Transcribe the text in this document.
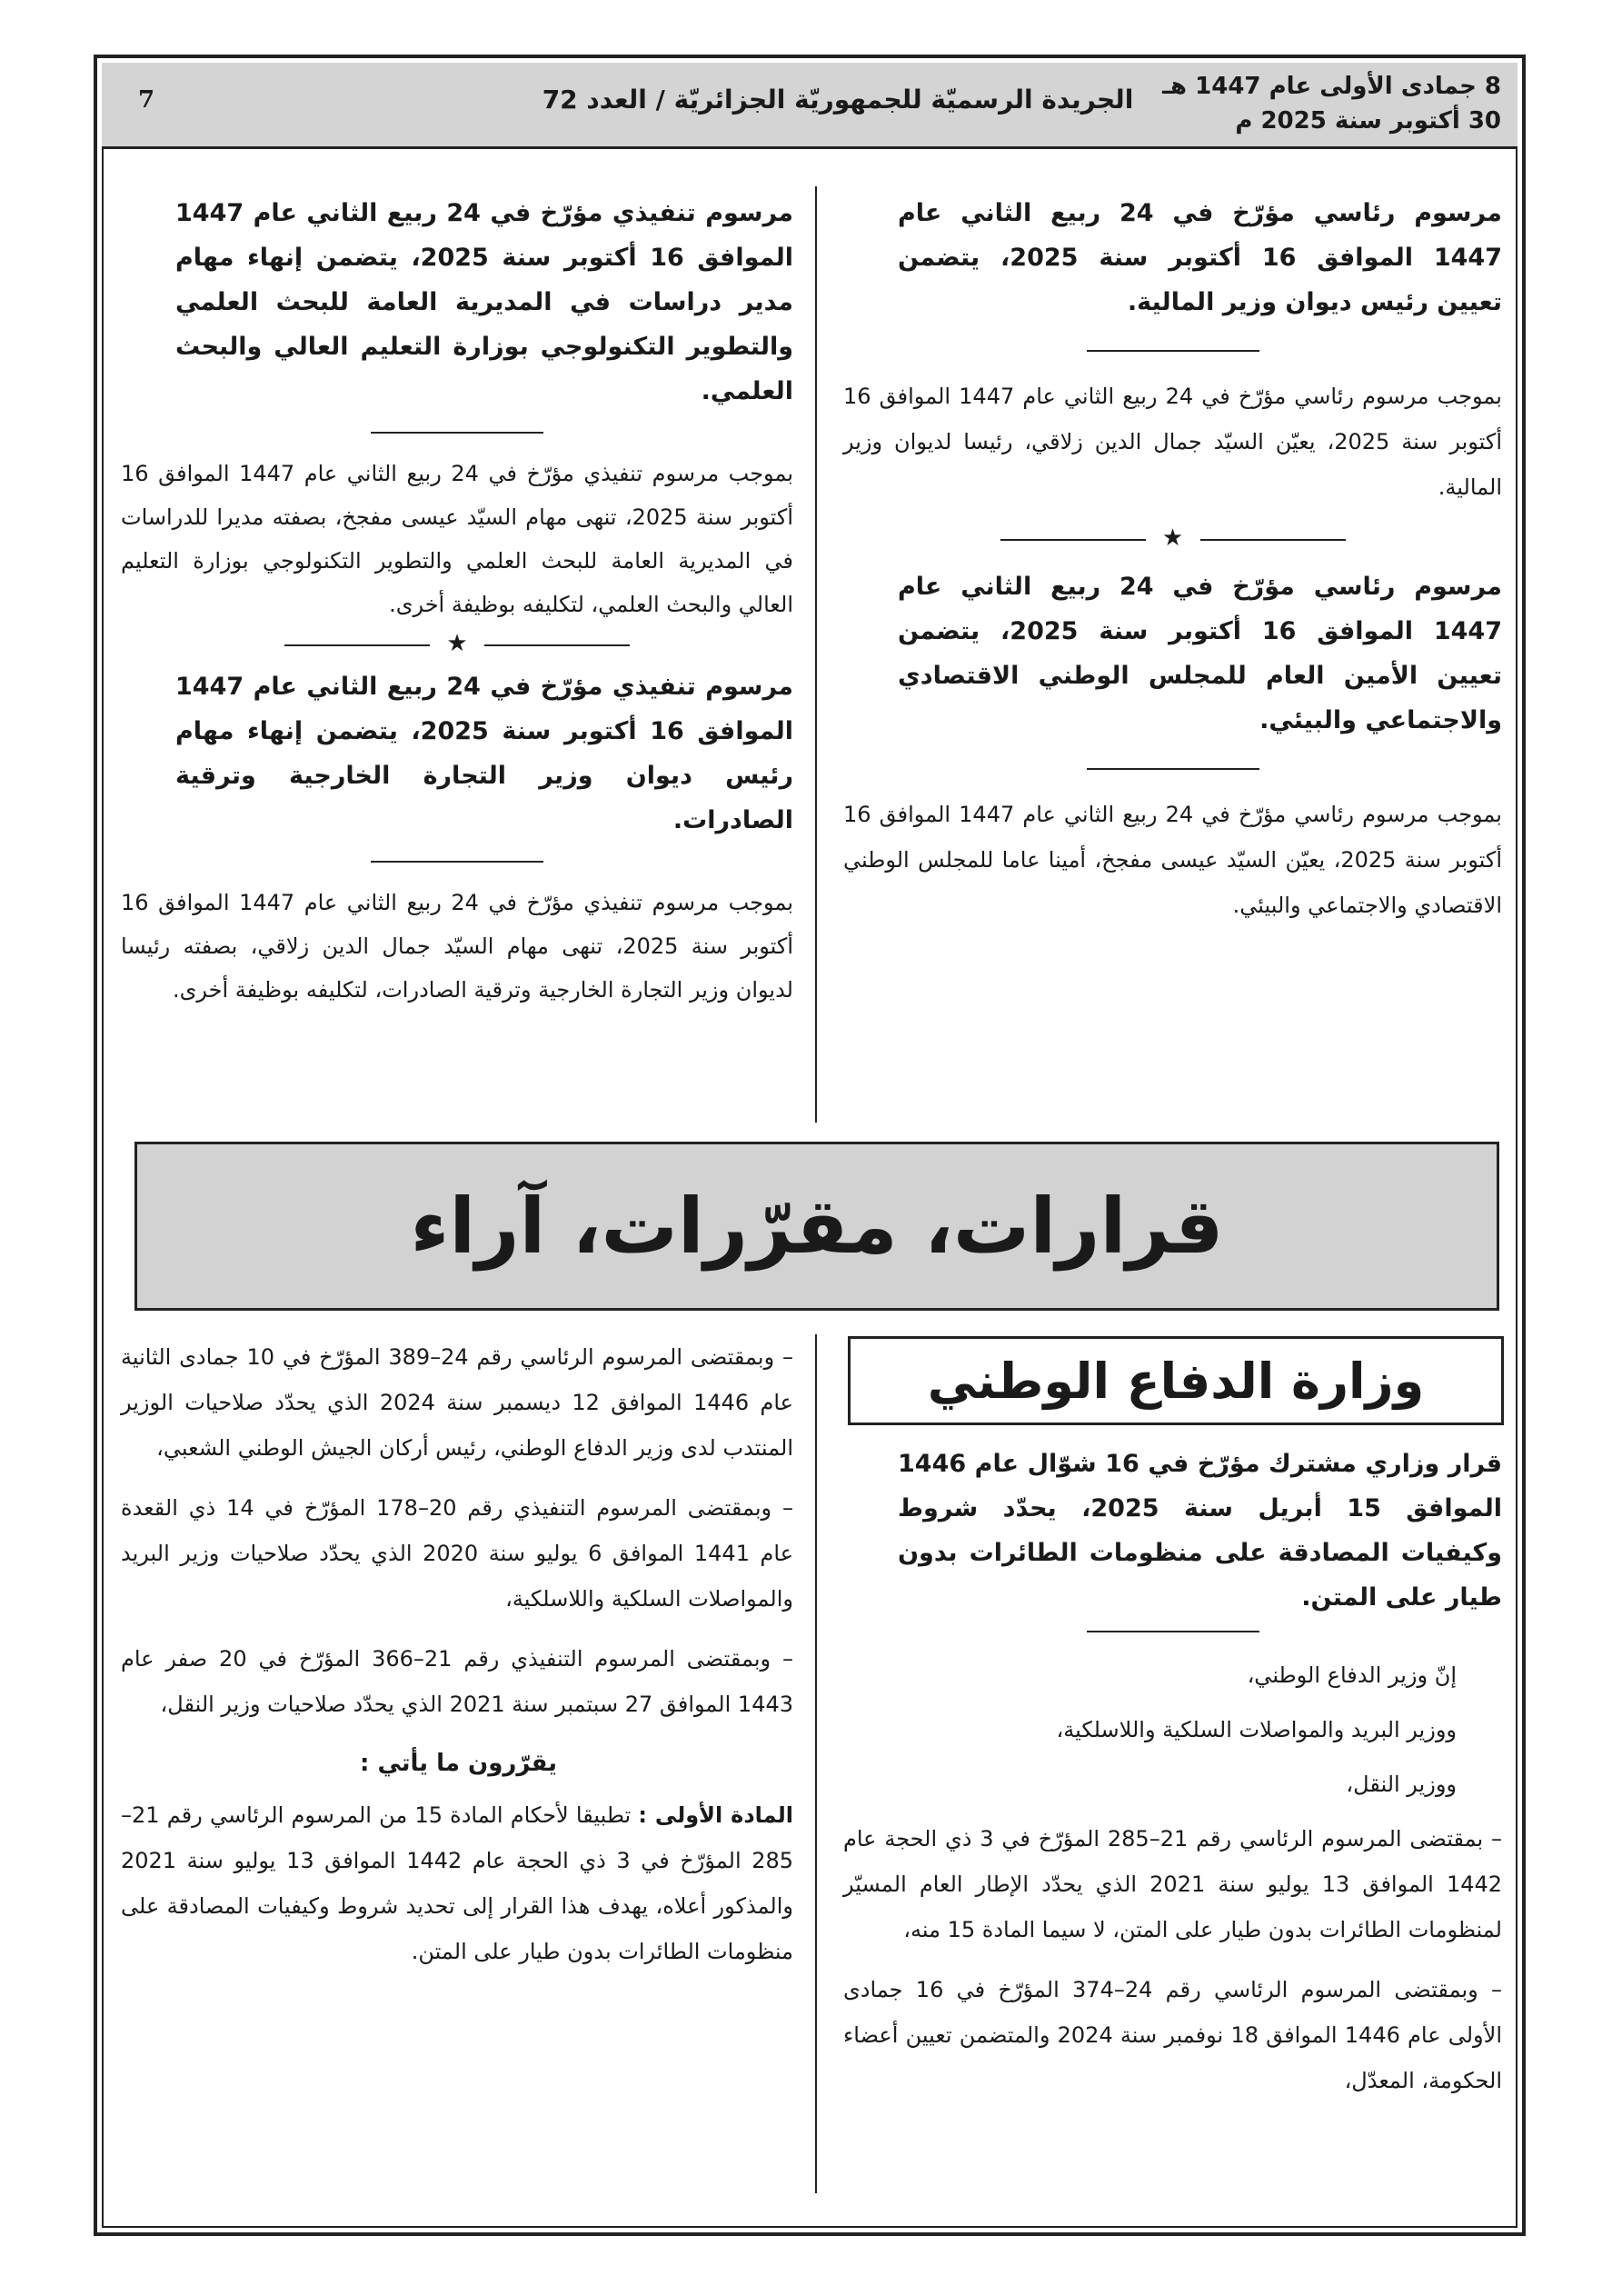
7	الجريدة الرسميّة للجمهوريّة الجزائريّة / العدد 72	8 جمادى الأولى عام 1447 هـ
30 أكتوبر سنة 2025 م

مرسوم رئاسي مؤرّخ في 24 ربيع الثاني عام 1447 الموافق 16 أكتوبر سنة 2025، يتضمن تعيين رئيس ديوان وزير المالية.

بموجب مرسوم رئاسي مؤرّخ في 24 ربيع الثاني عام 1447 الموافق 16 أكتوبر سنة 2025، يعيّن السيّد جمال الدين زلاقي، رئيسا لديوان وزير المالية.

★

مرسوم رئاسي مؤرّخ في 24 ربيع الثاني عام 1447 الموافق 16 أكتوبر سنة 2025، يتضمن تعيين الأمين العام للمجلس الوطني الاقتصادي والاجتماعي والبيئي.

بموجب مرسوم رئاسي مؤرّخ في 24 ربيع الثاني عام 1447 الموافق 16 أكتوبر سنة 2025، يعيّن السيّد عيسى مفجخ، أمينا عاما للمجلس الوطني الاقتصادي والاجتماعي والبيئي.

مرسوم تنفيذي مؤرّخ في 24 ربيع الثاني عام 1447 الموافق 16 أكتوبر سنة 2025، يتضمن إنهاء مهام مدير دراسات في المديرية العامة للبحث العلمي والتطوير التكنولوجي بوزارة التعليم العالي والبحث العلمي.

بموجب مرسوم تنفيذي مؤرّخ في 24 ربيع الثاني عام 1447 الموافق 16 أكتوبر سنة 2025، تنهى مهام السيّد عيسى مفجخ، بصفته مديرا للدراسات في المديرية العامة للبحث العلمي والتطوير التكنولوجي بوزارة التعليم العالي والبحث العلمي، لتكليفه بوظيفة أخرى.

★

مرسوم تنفيذي مؤرّخ في 24 ربيع الثاني عام 1447 الموافق 16 أكتوبر سنة 2025، يتضمن إنهاء مهام رئيس ديوان وزير التجارة الخارجية وترقية الصادرات.

بموجب مرسوم تنفيذي مؤرّخ في 24 ربيع الثاني عام 1447 الموافق 16 أكتوبر سنة 2025، تنهى مهام السيّد جمال الدين زلاقي، بصفته رئيسا لديوان وزير التجارة الخارجية وترقية الصادرات، لتكليفه بوظيفة أخرى.

قرارات، مقرّرات، آراء
وزارة الدفاع الوطني

قرار وزاري مشترك مؤرّخ في 16 شوّال عام 1446 الموافق 15 أبريل سنة 2025، يحدّد شروط وكيفيات المصادقة على منظومات الطائرات بدون طيار على المتن.

إنّ وزير الدفاع الوطني،

ووزير البريد والمواصلات السلكية واللاسلكية،

ووزير النقل،

– بمقتضى المرسوم الرئاسي رقم 21–285 المؤرّخ في 3 ذي الحجة عام 1442 الموافق 13 يوليو سنة 2021 الذي يحدّد الإطار العام المسيّر لمنظومات الطائرات بدون طيار على المتن، لا سيما المادة 15 منه،

– وبمقتضى المرسوم الرئاسي رقم 24–374 المؤرّخ في 16 جمادى الأولى عام 1446 الموافق 18 نوفمبر سنة 2024 والمتضمن تعيين أعضاء الحكومة، المعدّل،

– وبمقتضى المرسوم الرئاسي رقم 24–389 المؤرّخ في 10 جمادى الثانية عام 1446 الموافق 12 ديسمبر سنة 2024 الذي يحدّد صلاحيات الوزير المنتدب لدى وزير الدفاع الوطني، رئيس أركان الجيش الوطني الشعبي،

– وبمقتضى المرسوم التنفيذي رقم 20–178 المؤرّخ في 14 ذي القعدة عام 1441 الموافق 6 يوليو سنة 2020 الذي يحدّد صلاحيات وزير البريد والمواصلات السلكية واللاسلكية،

– وبمقتضى المرسوم التنفيذي رقم 21–366 المؤرّخ في 20 صفر عام 1443 الموافق 27 سبتمبر سنة 2021 الذي يحدّد صلاحيات وزير النقل،

يقرّرون ما يأتي :

المادة الأولى : تطبيقا لأحكام المادة 15 من المرسوم الرئاسي رقم 21–285 المؤرّخ في 3 ذي الحجة عام 1442 الموافق 13 يوليو سنة 2021 والمذكور أعلاه، يهدف هذا القرار إلى تحديد شروط وكيفيات المصادقة على منظومات الطائرات بدون طيار على المتن.
